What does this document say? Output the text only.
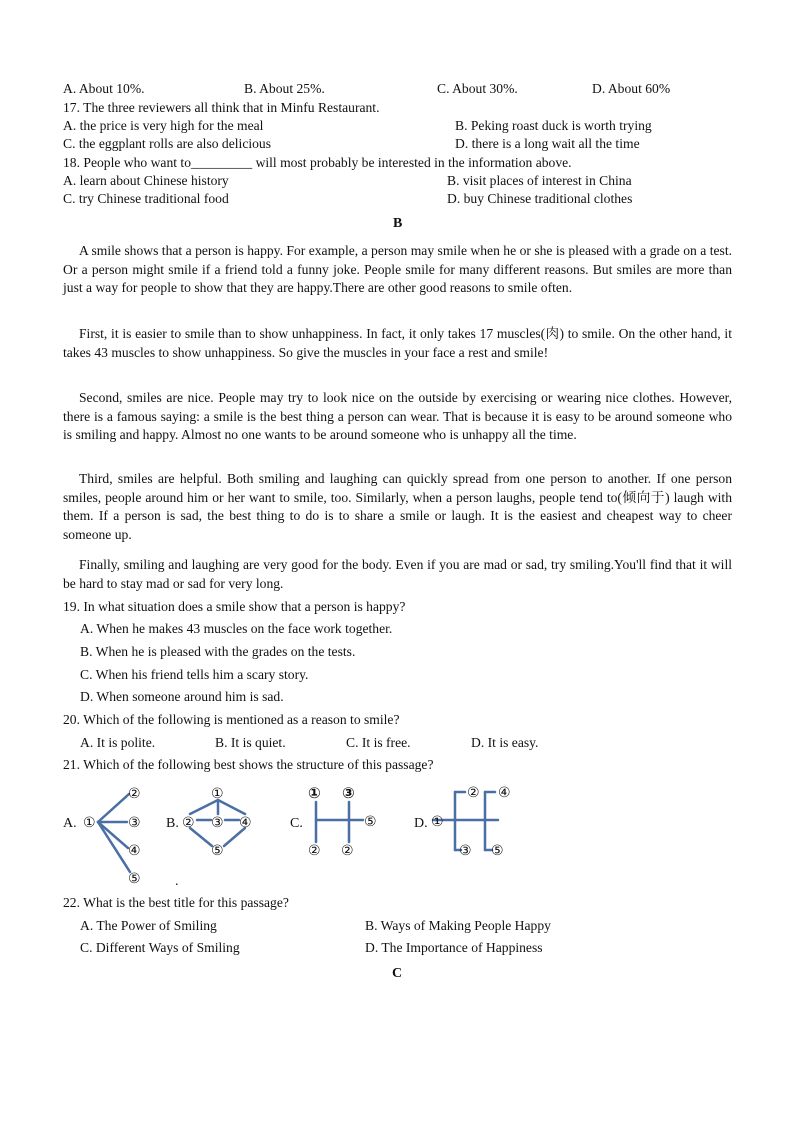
A. About 10%.	B. About 25%.	C. About 30%.	D. About 60%
17. The three reviewers all think that in Minfu Restaurant.
A. the price is very high for the meal	B. Peking roast duck is worth trying
C. the eggplant rolls are also delicious	D. there is a long wait all the time
18. People who want to_________ will most probably be interested in the information above.
A. learn about Chinese history	B. visit places of interest in China
C. try Chinese traditional food	D. buy Chinese traditional clothes
B
A smile shows that a person is happy. For example, a person may smile when he or she is pleased with a grade on a test. Or a person might smile if a friend told a funny joke. People smile for many different reasons. But smiles are more than just a way for people to show that they are happy.There are other good reasons to smile often.
First, it is easier to smile than to show unhappiness. In fact, it only takes 17 muscles(肉) to smile. On the other hand, it takes 43 muscles to show unhappiness. So give the muscles in your face a rest and smile!
Second, smiles are nice. People may try to look nice on the outside by exercising or wearing nice clothes. However, there is a famous saying: a smile is the best thing a person can wear. That is because it is easy to be around someone who is smiling and happy. Almost no one wants to be around someone who is unhappy all the time.
Third, smiles are helpful. Both smiling and laughing can quickly spread from one person to another. If one person smiles, people around him or her want to smile, too. Similarly, when a person laughs, people tend to(倾向于) laugh with them. If a person is sad, the best thing to do is to share a smile or laugh. It is the easiest and cheapest way to cheer someone up.
Finally, smiling and laughing are very good for the body. Even if you are mad or sad, try smiling.You'll find that it will be hard to stay mad or sad for very long.
19. In what situation does a smile show that a person is happy?
A. When he makes 43 muscles on the face work together.
B. When he is pleased with the grades on the tests.
C. When his friend tells him a scary story.
D. When someone around him is sad.
20. Which of the following is mentioned as a reason to smile?
A. It is polite.	B. It is quiet.	C. It is free.	D. It is easy.
21. Which of the following best shows the structure of this passage?
A.	B.	C.	D.
①
②
③
④
⑤
①
② ③ ④
⑤
① ③
⑤
② ②
①
② ④
③ ⑤
.
22. What is the best title for this passage?
A. The Power of Smiling	B. Ways of Making People Happy
C. Different Ways of Smiling	D. The Importance of Happiness
C
